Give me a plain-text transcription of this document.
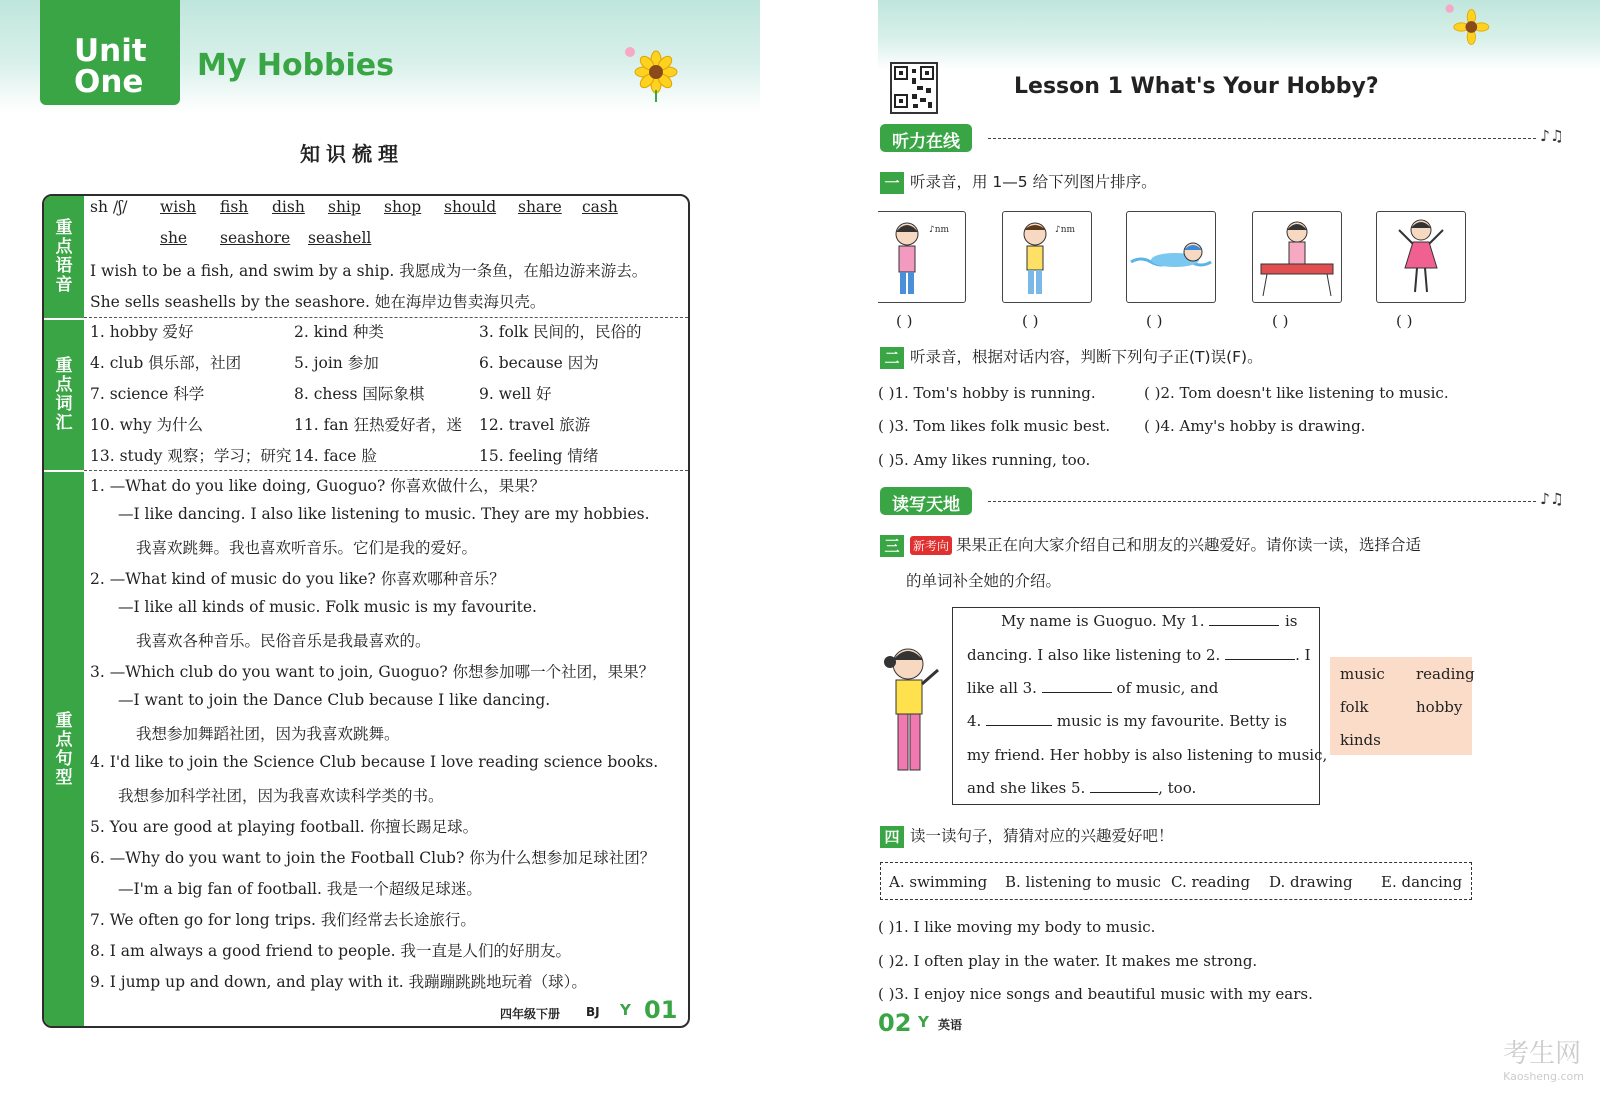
Unit
One	My Hobbies
知识梳理
重点语音
重点词汇
重点句型
sh /ʃ/ wish fish dish ship shop should share cash
she seashore seashell
I wish to be a fish, and swim by a ship. 我愿成为一条鱼，在船边游来游去。
She sells seashells by the seashore. 她在海岸边售卖海贝壳。
1. hobby 爱好	2. kind 种类	3. folk 民间的，民俗的
4. club 俱乐部，社团	5. join 参加	6. because 因为
7. science 科学	8. chess 国际象棋	9. well 好
10. why 为什么	11. fan 狂热爱好者，迷 12. travel 旅游
13. study 观察；学习；研究 14. face 脸	15. feeling 情绪
1. —What do you like doing, Guoguo? 你喜欢做什么，果果？
—I like dancing. I also like listening to music. They are my hobbies.
我喜欢跳舞。我也喜欢听音乐。它们是我的爱好。
2. —What kind of music do you like? 你喜欢哪种音乐？
—I like all kinds of music. Folk music is my favourite.
我喜欢各种音乐。民俗音乐是我最喜欢的。
3. —Which club do you want to join, Guoguo? 你想参加哪一个社团，果果？
—I want to join the Dance Club because I like dancing.
我想参加舞蹈社团，因为我喜欢跳舞。
4. I'd like to join the Science Club because I love reading science books.
我想参加科学社团，因为我喜欢读科学类的书。
5. You are good at playing football. 你擅长踢足球。
6. —Why do you want to join the Football Club? 你为什么想参加足球社团？
—I'm a big fan of football. 我是一个超级足球迷。
7. We often go for long trips. 我们经常去长途旅行。
8. I am always a good friend to people. 我一直是人们的好朋友。
9. I jump up and down, and play with it. 我蹦蹦跳跳地玩着（球）。
四年级下册 BJ Y 01
Lesson 1 What's Your Hobby?
听力在线	♪♫
一 听录音，用 1—5 给下列图片排序。
♪nm	♪nm
( )	( )	( )	( )	( )
二 听录音，根据对话内容，判断下列句子正(T)误(F)。
( )1. Tom's hobby is running.	( )2. Tom doesn't like listening to music.
( )3. Tom likes folk music best. ( )4. Amy's hobby is drawing.
( )5. Amy likes running, too.
读写天地	♪♫
三 新考向 果果正在向大家介绍自己和朋友的兴趣爱好。请你读一读，选择合适
的单词补全她的介绍。
My name is Guoguo. My 1.	is
dancing. I also like listening to 2.	. I
like all 3.	of music, and
4.	music is my favourite. Betty is
my friend. Her hobby is also listening to music,
and she likes 5.	, too.
music reading
folk	hobby
kinds
四 读一读句子，猜猜对应的兴趣爱好吧！
A. swimming B. listening to music C. reading D. drawing E. dancing
( )1. I like moving my body to music.
( )2. I often play in the water. It makes me strong.
( )3. I enjoy nice songs and beautiful music with my ears.
02 Y 英语
考生网
Kaosheng.com
